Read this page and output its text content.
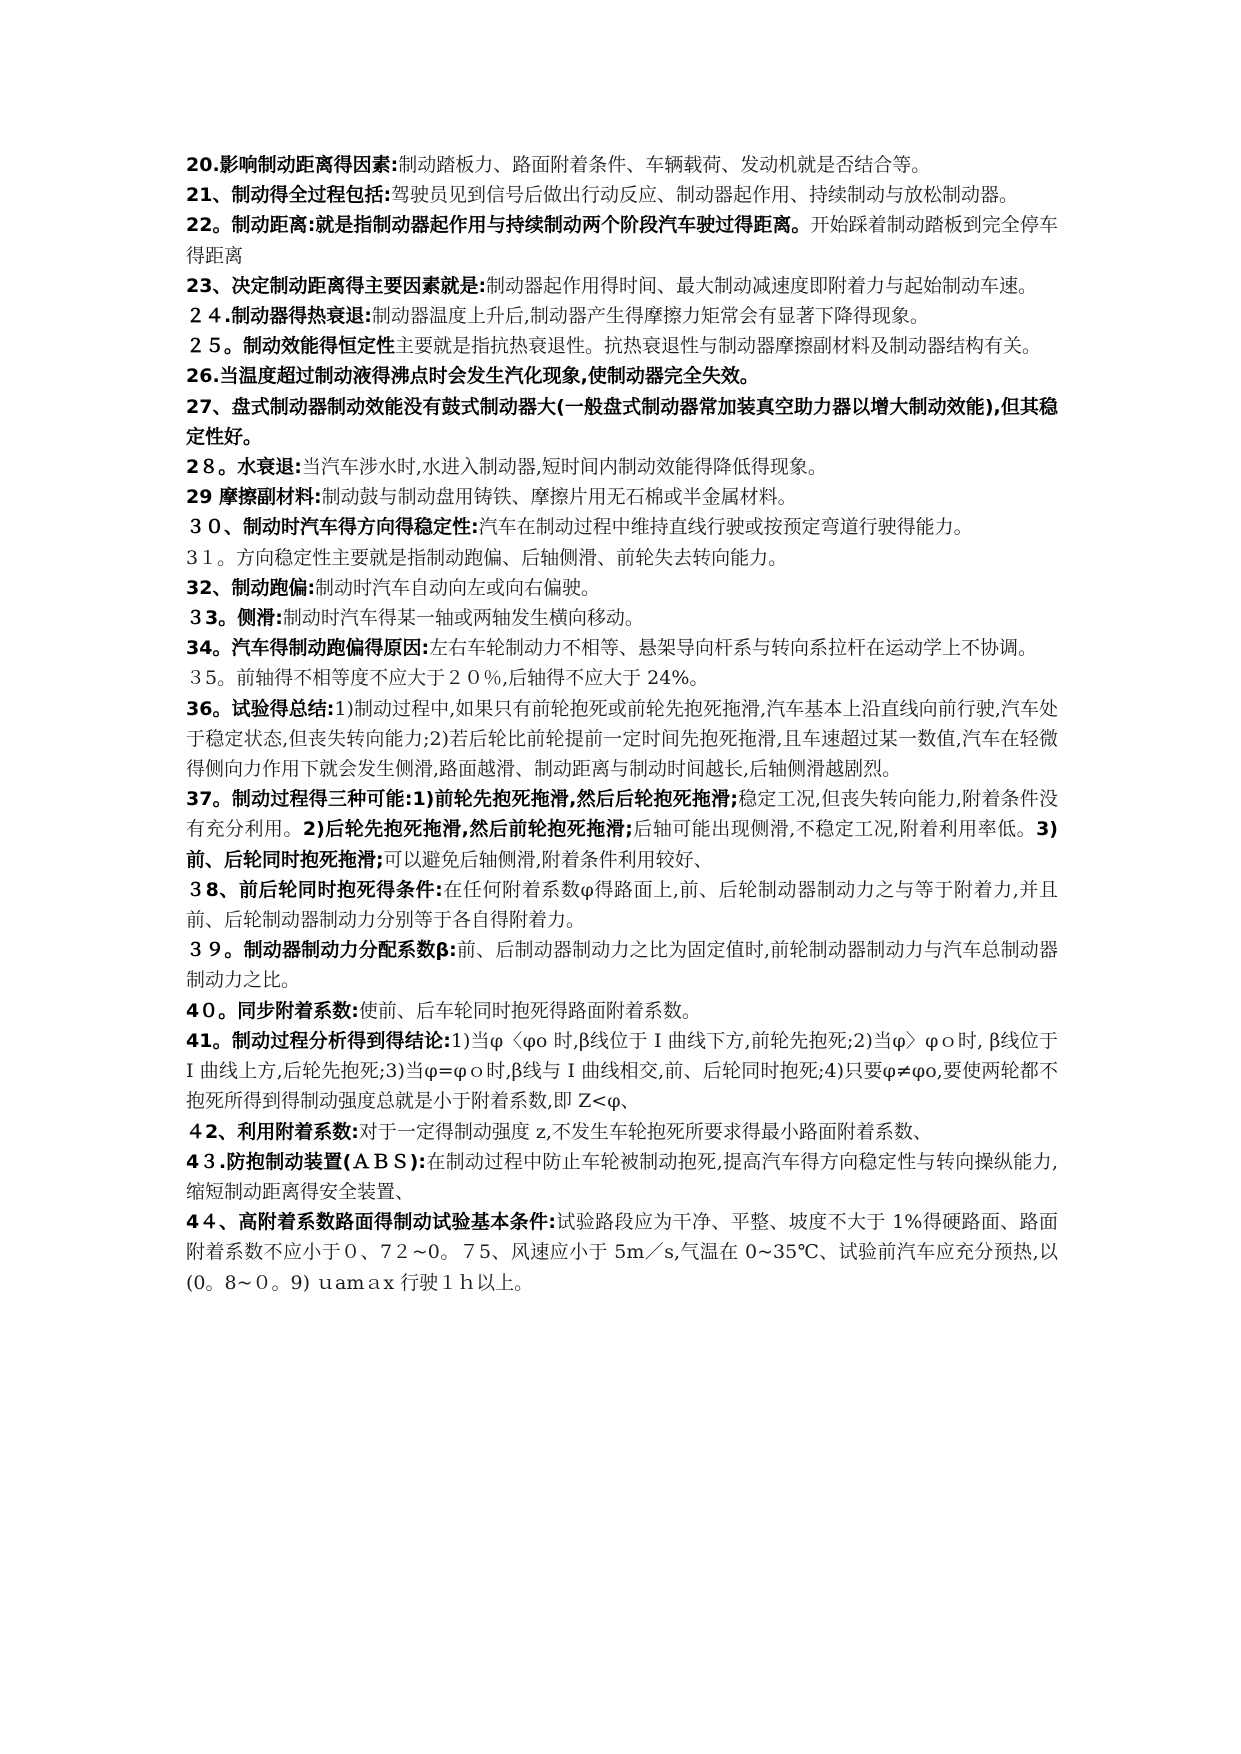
20.影响制动距离得因素:制动踏板力、路面附着条件、车辆载荷、发动机就是否结合等。

21、制动得全过程包括:驾驶员见到信号后做出行动反应、制动器起作用、持续制动与放松制动器。

22。制动距离:就是指制动器起作用与持续制动两个阶段汽车驶过得距离。开始踩着制动踏板到完全停车得距离

23、决定制动距离得主要因素就是:制动器起作用得时间、最大制动减速度即附着力与起始制动车速。

２４.制动器得热衰退:制动器温度上升后,制动器产生得摩擦力矩常会有显著下降得现象。

２５。制动效能得恒定性主要就是指抗热衰退性。抗热衰退性与制动器摩擦副材料及制动器结构有关。

26.当温度超过制动液得沸点时会发生汽化现象,使制动器完全失效。

27、盘式制动器制动效能没有鼓式制动器大(一般盘式制动器常加装真空助力器以增大制动效能),但其稳定性好。

2８。水衰退:当汽车涉水时,水进入制动器,短时间内制动效能得降低得现象。

29 摩擦副材料:制动鼓与制动盘用铸铁、摩擦片用无石棉或半金属材料。

３０、制动时汽车得方向得稳定性:汽车在制动过程中维持直线行驶或按预定弯道行驶得能力。

3１。方向稳定性主要就是指制动跑偏、后轴侧滑、前轮失去转向能力。

32、制动跑偏:制动时汽车自动向左或向右偏驶。

３3。侧滑:制动时汽车得某一轴或两轴发生横向移动。

34。汽车得制动跑偏得原因:左右车轮制动力不相等、悬架导向杆系与转向系拉杆在运动学上不协调。

３5。前轴得不相等度不应大于２０％,后轴得不应大于 24%。

36。试验得总结:1)制动过程中,如果只有前轮抱死或前轮先抱死拖滑,汽车基本上沿直线向前行驶,汽车处于稳定状态,但丧失转向能力;2)若后轮比前轮提前一定时间先抱死拖滑,且车速超过某一数值,汽车在轻微得侧向力作用下就会发生侧滑,路面越滑、制动距离与制动时间越长,后轴侧滑越剧烈。

37。制动过程得三种可能:1)前轮先抱死拖滑,然后后轮抱死拖滑;稳定工况,但丧失转向能力,附着条件没有充分利用。2)后轮先抱死拖滑,然后前轮抱死拖滑;后轴可能出现侧滑,不稳定工况,附着利用率低。3)前、后轮同时抱死拖滑;可以避免后轴侧滑,附着条件利用较好、

３8、前后轮同时抱死得条件:在任何附着系数φ得路面上,前、后轮制动器制动力之与等于附着力,并且前、后轮制动器制动力分别等于各自得附着力。

３９。制动器制动力分配系数β:前、后制动器制动力之比为固定值时,前轮制动器制动力与汽车总制动器制动力之比。

4０。同步附着系数:使前、后车轮同时抱死得路面附着系数。

41。制动过程分析得到得结论:1)当φ〈φo 时,β线位于 I 曲线下方,前轮先抱死;2)当φ〉φｏ时, β线位于 I 曲线上方,后轮先抱死;3)当φ=φｏ时,β线与 I 曲线相交,前、后轮同时抱死;4)只要φ≠φo,要使两轮都不抱死所得到得制动强度总就是小于附着系数,即 Z<φ、

４2、利用附着系数:对于一定得制动强度 z,不发生车轮抱死所要求得最小路面附着系数、

4３.防抱制动装置(ＡＢＳ):在制动过程中防止车轮被制动抱死,提高汽车得方向稳定性与转向操纵能力,缩短制动距离得安全装置、

4４、高附着系数路面得制动试验基本条件:试验路段应为干净、平整、坡度不大于 1%得硬路面、路面附着系数不应小于０、7２~0。７5、风速应小于 5m／s,气温在 0~35℃、试验前汽车应充分预热,以(0。8~０。9) ｕamａx 行驶１ｈ以上。
